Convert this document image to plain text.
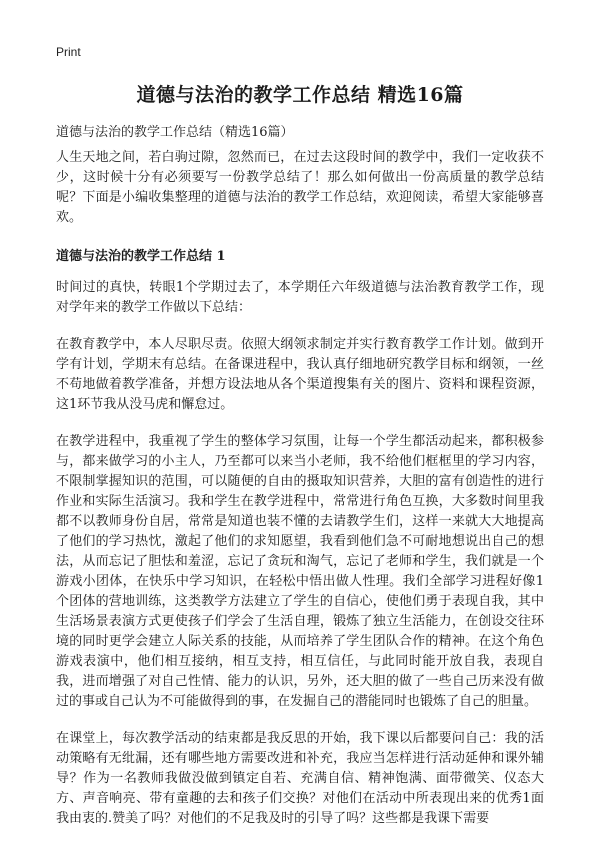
Print
道德与法治的教学工作总结 精选16篇

道德与法治的教学工作总结（精选16篇）

人生天地之间，若白驹过隙，忽然而已，在过去这段时间的教学中，我们一定收获不少，这时候十分有必须要写一份教学总结了！那么如何做出一份高质量的教学总结呢？下面是小编收集整理的道德与法治的教学工作总结，欢迎阅读，希望大家能够喜欢。

道德与法治的教学工作总结 1

时间过的真快，转眼1个学期过去了，本学期任六年级道德与法治教育教学工作，现对学年来的教学工作做以下总结：

在教育教学中，本人尽职尽责。依照大纲领求制定并实行教育教学工作计划。做到开学有计划，学期末有总结。在备课进程中，我认真仔细地研究教学目标和纲领，一丝不苟地做着教学准备，并想方设法地从各个渠道搜集有关的图片、资料和课程资源，这1环节我从没马虎和懈怠过。

在教学进程中，我重视了学生的整体学习氛围，让每一个学生都活动起来，都积极参与，都来做学习的小主人，乃至都可以来当小老师，我不给他们框框里的学习内容，不限制掌握知识的范围，可以随便的自由的摄取知识营养，大胆的富有创造性的进行作业和实际生活演习。我和学生在教学进程中，常常进行角色互换，大多数时间里我都不以教师身份自居，常常是知道也装不懂的去请教学生们，这样一来就大大地提高了他们的学习热忱，激起了他们的求知愿望，我看到他们急不可耐地想说出自己的想法，从而忘记了胆怯和羞涩，忘记了贪玩和淘气，忘记了老师和学生，我们就是一个游戏小团体，在快乐中学习知识，在轻松中悟出做人性理。我们全部学习进程好像1个团体的营地训练，这类教学方法建立了学生的自信心，使他们勇于表现自我，其中生活场景表演方式更使孩子们学会了生活自理，锻炼了独立生活能力，在创设交往环境的同时更学会建立人际关系的技能，从而培养了学生团队合作的精神。在这个角色游戏表演中，他们相互接纳，相互支持，相互信任，与此同时能开放自我，表现自我，进而增强了对自己性情、能力的认识，另外，还大胆的做了一些自己历来没有做过的事或自己认为不可能做得到的事，在发掘自己的潜能同时也锻炼了自己的胆量。

在课堂上，每次教学活动的结束都是我反思的开始，我下课以后都要问自己：我的活动策略有无纰漏，还有哪些地方需要改进和补充，我应当怎样进行活动延伸和课外辅导？作为一名教师我做没做到镇定自若、充满自信、精神饱满、面带微笑、仪态大方、声音响亮、带有童趣的去和孩子们交换？对他们在活动中所表现出来的优秀1面我由衷的.赞美了吗？对他们的不足我及时的引导了吗？这些都是我课下需要
